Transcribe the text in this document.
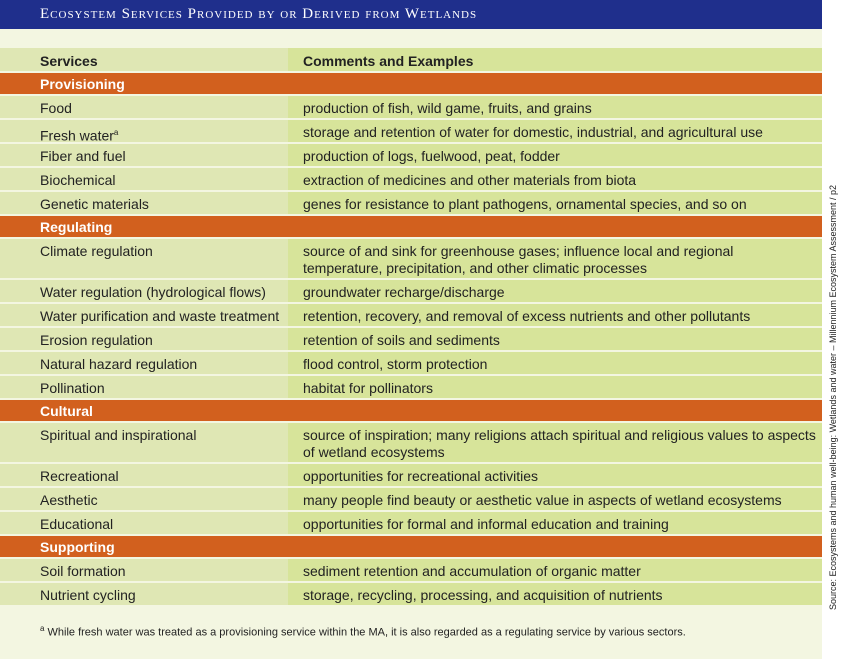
Ecosystem Services Provided by or Derived from Wetlands
Services	Comments and Examples
Provisioning
Food	production of fish, wild game, fruits, and grains
Fresh water$^a$	storage and retention of water for domestic, industrial, and agricultural use
Fiber and fuel	production of logs, fuelwood, peat, fodder
Biochemical	extraction of medicines and other materials from biota
Genetic materials	genes for resistance to plant pathogens, ornamental species, and so on
Regulating
Climate regulation	source of and sink for greenhouse gases; influence local and regional temperature, precipitation, and other climatic processes
Water regulation (hydrological flows)	groundwater recharge/discharge
Water purification and waste treatment	retention, recovery, and removal of excess nutrients and other pollutants
Erosion regulation	retention of soils and sediments
Natural hazard regulation	flood control, storm protection
Pollination	habitat for pollinators
Cultural
Spiritual and inspirational	source of inspiration; many religions attach spiritual and religious values to aspects of wetland ecosystems
Recreational	opportunities for recreational activities
Aesthetic	many people find beauty or aesthetic value in aspects of wetland ecosystems
Educational	opportunities for formal and informal education and training
Supporting
Soil formation	sediment retention and accumulation of organic matter
Nutrient cycling	storage, recycling, processing, and acquisition of nutrients
$^a$ While fresh water was treated as a provisioning service within the MA, it is also regarded as a regulating service by various sectors.
Source: Ecosystems and human well-being: Wetlands and water – Millennium Ecosystem Assessment / p2
